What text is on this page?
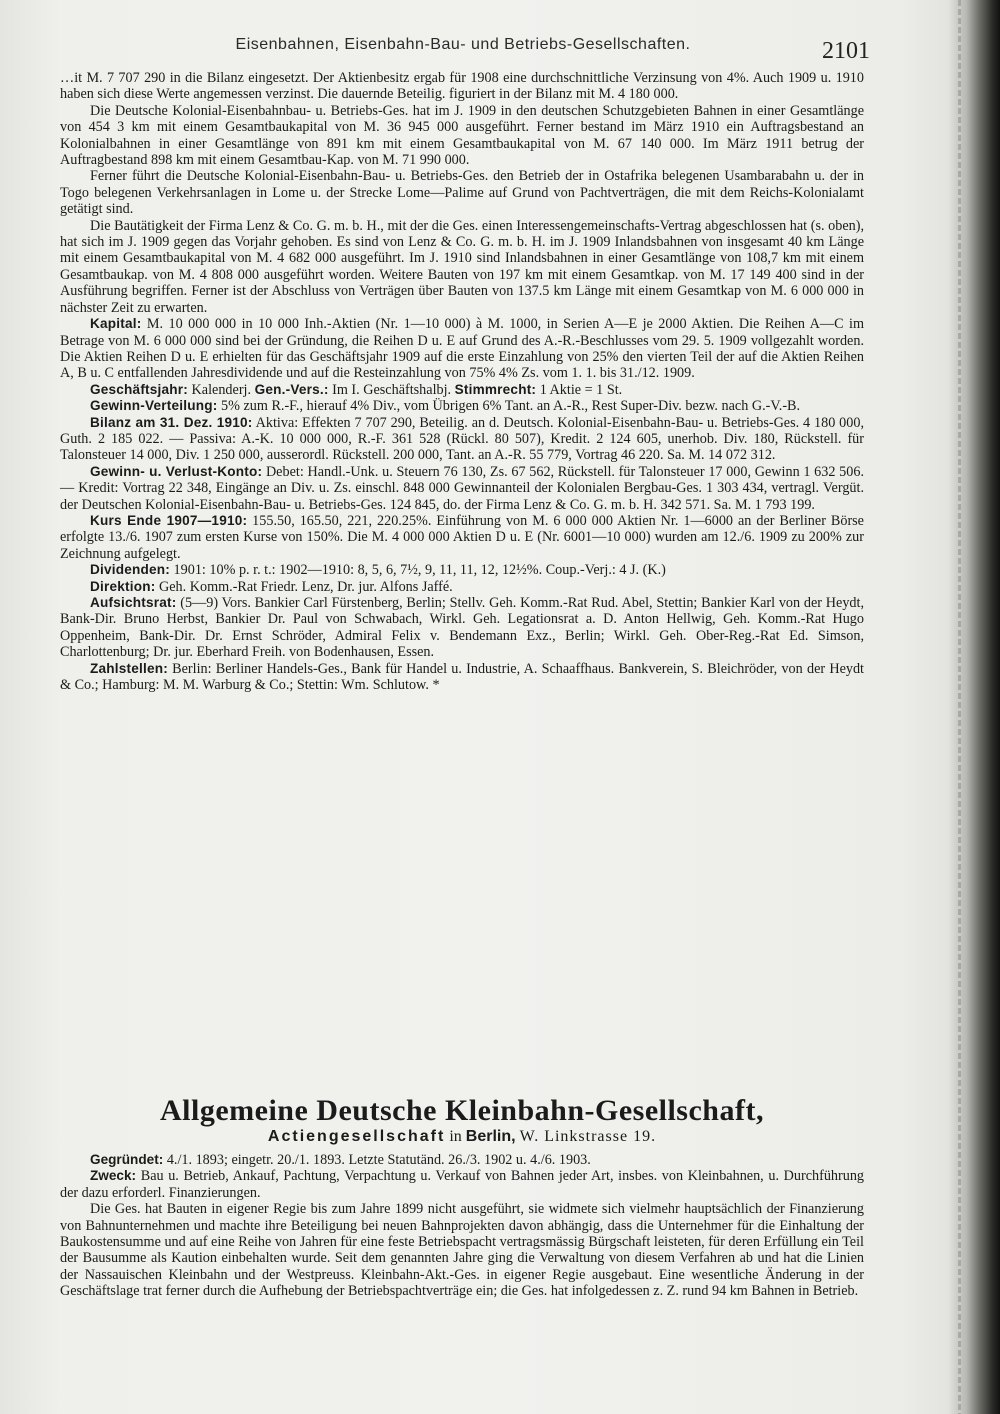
Eisenbahnen, Eisenbahn-Bau- und Betriebs-Gesellschaften.	2101

…it M. 7 707 290 in die Bilanz eingesetzt. Der Aktienbesitz ergab für 1908 eine durchschnittliche Verzinsung von 4%. Auch 1909 u. 1910 haben sich diese Werte angemessen verzinst. Die dauernde Beteilig. figuriert in der Bilanz mit M. 4 180 000.

Die Deutsche Kolonial-Eisenbahnbau- u. Betriebs-Ges. hat im J. 1909 in den deutschen Schutzgebieten Bahnen in einer Gesamtlänge von 454 3 km mit einem Gesamtbaukapital von M. 36 945 000 ausgeführt. Ferner bestand im März 1910 ein Auftragsbestand an Kolonialbahnen in einer Gesamtlänge von 891 km mit einem Gesamtbaukapital von M. 67 140 000. Im März 1911 betrug der Auftragbestand 898 km mit einem Gesamtbau-Kap. von M. 71 990 000.

Ferner führt die Deutsche Kolonial-Eisenbahn-Bau- u. Betriebs-Ges. den Betrieb der in Ostafrika belegenen Usambarabahn u. der in Togo belegenen Verkehrsanlagen in Lome u. der Strecke Lome—Palime auf Grund von Pachtverträgen, die mit dem Reichs-Kolonialamt getätigt sind.

Die Bautätigkeit der Firma Lenz & Co. G. m. b. H., mit der die Ges. einen Interessengemeinschafts-Vertrag abgeschlossen hat (s. oben), hat sich im J. 1909 gegen das Vorjahr gehoben. Es sind von Lenz & Co. G. m. b. H. im J. 1909 Inlandsbahnen von insgesamt 40 km Länge mit einem Gesamtbaukapital von M. 4 682 000 ausgeführt. Im J. 1910 sind Inlandsbahnen in einer Gesamtlänge von 108,7 km mit einem Gesamtbaukap. von M. 4 808 000 ausgeführt worden. Weitere Bauten von 197 km mit einem Gesamtkap. von M. 17 149 400 sind in der Ausführung begriffen. Ferner ist der Abschluss von Verträgen über Bauten von 137.5 km Länge mit einem Gesamtkap von M. 6 000 000 in nächster Zeit zu erwarten.

Kapital: M. 10 000 000 in 10 000 Inh.-Aktien (Nr. 1—10 000) à M. 1000, in Serien A—E je 2000 Aktien. Die Reihen A—C im Betrage von M. 6 000 000 sind bei der Gründung, die Reihen D u. E auf Grund des A.-R.-Beschlusses vom 29. 5. 1909 vollgezahlt worden. Die Aktien Reihen D u. E erhielten für das Geschäftsjahr 1909 auf die erste Einzahlung von 25% den vierten Teil der auf die Aktien Reihen A, B u. C entfallenden Jahresdividende und auf die Resteinzahlung von 75% 4% Zs. vom 1. 1. bis 31./12. 1909.

Geschäftsjahr: Kalenderj. Gen.-Vers.: Im I. Geschäftshalbj. Stimmrecht: 1 Aktie = 1 St.

Gewinn-Verteilung: 5% zum R.-F., hierauf 4% Div., vom Übrigen 6% Tant. an A.-R., Rest Super-Div. bezw. nach G.-V.-B.

Bilanz am 31. Dez. 1910: Aktiva: Effekten 7 707 290, Beteilig. an d. Deutsch. Kolonial-Eisenbahn-Bau- u. Betriebs-Ges. 4 180 000, Guth. 2 185 022. — Passiva: A.-K. 10 000 000, R.-F. 361 528 (Rückl. 80 507), Kredit. 2 124 605, unerhob. Div. 180, Rückstell. für Talonsteuer 14 000, Div. 1 250 000, ausserordl. Rückstell. 200 000, Tant. an A.-R. 55 779, Vortrag 46 220. Sa. M. 14 072 312.

Gewinn- u. Verlust-Konto: Debet: Handl.-Unk. u. Steuern 76 130, Zs. 67 562, Rückstell. für Talonsteuer 17 000, Gewinn 1 632 506. — Kredit: Vortrag 22 348, Eingänge an Div. u. Zs. einschl. 848 000 Gewinnanteil der Kolonialen Bergbau-Ges. 1 303 434, vertragl. Vergüt. der Deutschen Kolonial-Eisenbahn-Bau- u. Betriebs-Ges. 124 845, do. der Firma Lenz & Co. G. m. b. H. 342 571. Sa. M. 1 793 199.

Kurs Ende 1907—1910: 155.50, 165.50, 221, 220.25%. Einführung von M. 6 000 000 Aktien Nr. 1—6000 an der Berliner Börse erfolgte 13./6. 1907 zum ersten Kurse von 150%. Die M. 4 000 000 Aktien D u. E (Nr. 6001—10 000) wurden am 12./6. 1909 zu 200% zur Zeichnung aufgelegt.

Dividenden: 1901: 10% p. r. t.: 1902—1910: 8, 5, 6, 7½, 9, 11, 11, 12, 12½%. Coup.-Verj.: 4 J. (K.)

Direktion: Geh. Komm.-Rat Friedr. Lenz, Dr. jur. Alfons Jaffé.

Aufsichtsrat: (5—9) Vors. Bankier Carl Fürstenberg, Berlin; Stellv. Geh. Komm.-Rat Rud. Abel, Stettin; Bankier Karl von der Heydt, Bank-Dir. Bruno Herbst, Bankier Dr. Paul von Schwabach, Wirkl. Geh. Legationsrat a. D. Anton Hellwig, Geh. Komm.-Rat Hugo Oppenheim, Bank-Dir. Dr. Ernst Schröder, Admiral Felix v. Bendemann Exz., Berlin; Wirkl. Geh. Ober-Reg.-Rat Ed. Simson, Charlottenburg; Dr. jur. Eberhard Freih. von Bodenhausen, Essen.

Zahlstellen: Berlin: Berliner Handels-Ges., Bank für Handel u. Industrie, A. Schaaffhaus. Bankverein, S. Bleichröder, von der Heydt & Co.; Hamburg: M. M. Warburg & Co.; Stettin: Wm. Schlutow. *

Allgemeine Deutsche Kleinbahn-Gesellschaft,
Actiengesellschaft in Berlin, W. Linkstrasse 19.

Gegründet: 4./1. 1893; eingetr. 20./1. 1893. Letzte Statutänd. 26./3. 1902 u. 4./6. 1903.

Zweck: Bau u. Betrieb, Ankauf, Pachtung, Verpachtung u. Verkauf von Bahnen jeder Art, insbes. von Kleinbahnen, u. Durchführung der dazu erforderl. Finanzierungen.

Die Ges. hat Bauten in eigener Regie bis zum Jahre 1899 nicht ausgeführt, sie widmete sich vielmehr hauptsächlich der Finanzierung von Bahnunternehmen und machte ihre Beteiligung bei neuen Bahnprojekten davon abhängig, dass die Unternehmer für die Einhaltung der Baukostensumme und auf eine Reihe von Jahren für eine feste Betriebspacht vertragsmässig Bürgschaft leisteten, für deren Erfüllung ein Teil der Bausumme als Kaution einbehalten wurde. Seit dem genannten Jahre ging die Verwaltung von diesem Verfahren ab und hat die Linien der Nassauischen Kleinbahn und der Westpreuss. Kleinbahn-Akt.-Ges. in eigener Regie ausgebaut. Eine wesentliche Änderung in der Geschäftslage trat ferner durch die Aufhebung der Betriebspachtverträge ein; die Ges. hat infolgedessen z. Z. rund 94 km Bahnen in Betrieb.
